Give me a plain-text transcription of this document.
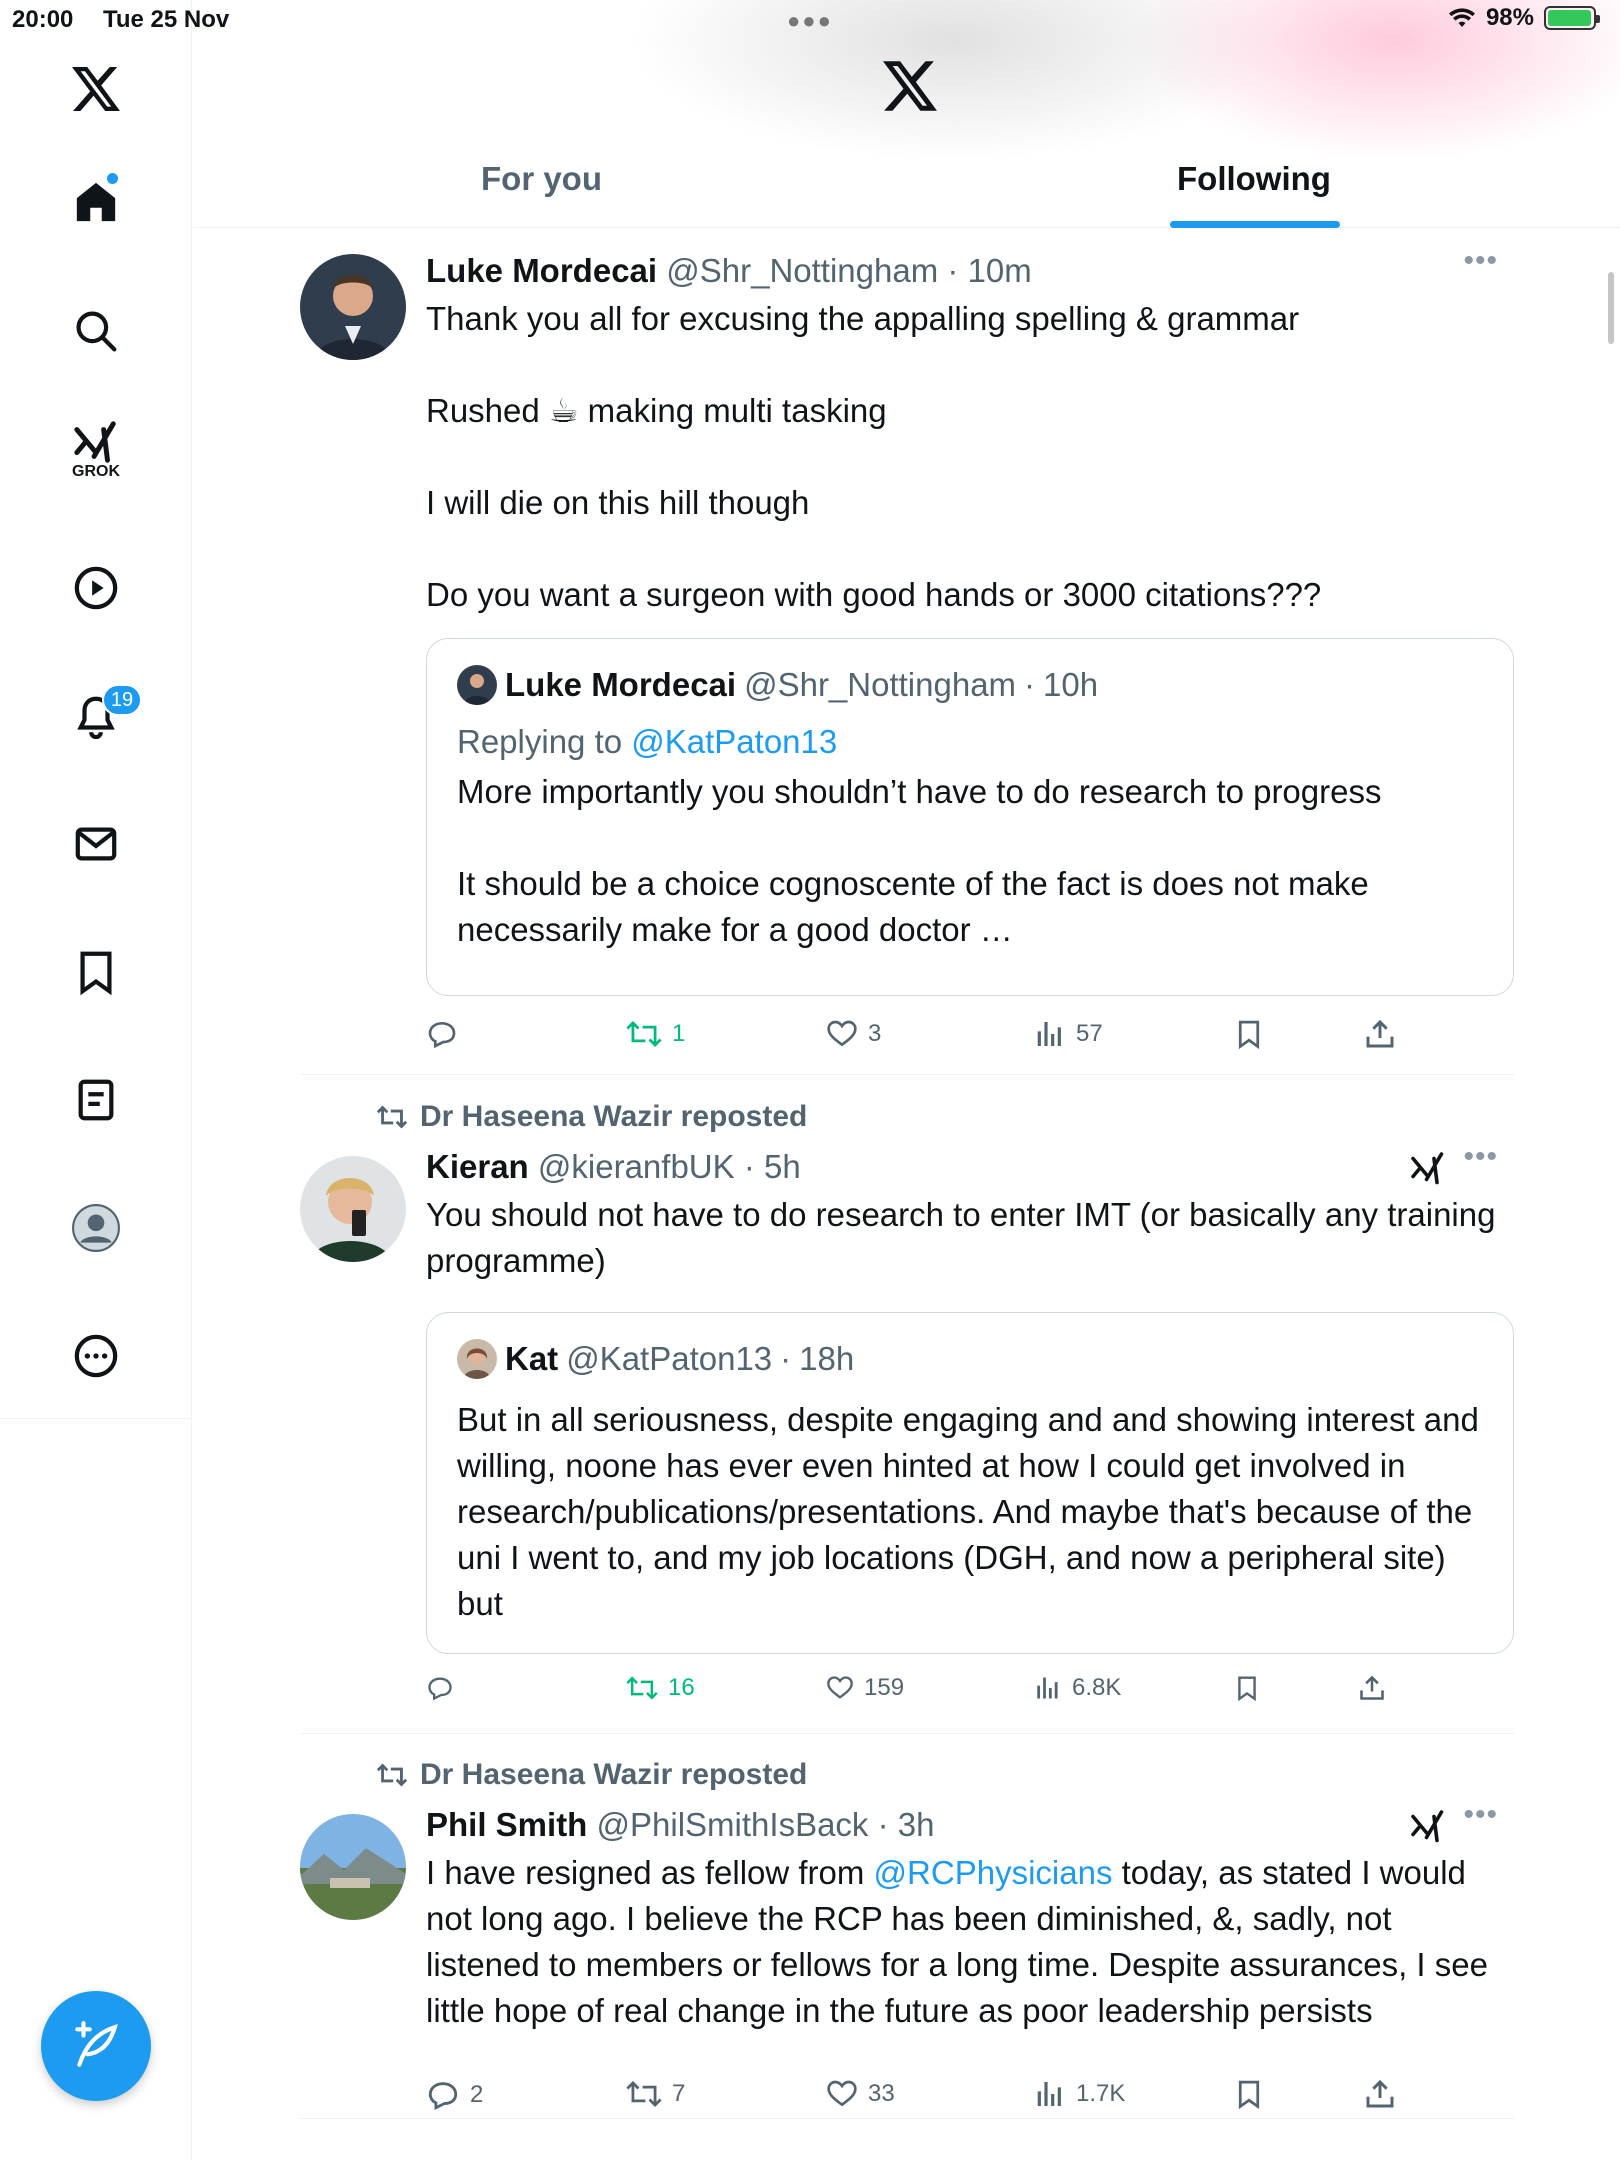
20:00 Tue 25 Nov	●●●	98%
GROK
19
For you	Following
Luke Mordecai @Shr_Nottingham · 10m	•••
Thank you all for excusing the appalling spelling & grammar

Rushed ☕ making multi tasking

I will die on this hill though

Do you want a surgeon with good hands or 3000 citations???
Luke Mordecai @Shr_Nottingham · 10h
Replying to @KatPaton13
More importantly you shouldn’t have to do research to progress

It should be a choice cognoscente of the fact is does not make necessarily make for a good doctor …
1	3	57
Dr Haseena Wazir reposted
Kieran @kieranfbUK · 5h	•••
You should not have to do research to enter IMT (or basically any training programme)
Kat @KatPaton13 · 18h
But in all seriousness, despite engaging and and showing interest and willing, noone has ever even hinted at how I could get involved in research/publications/presentations. And maybe that's because of the uni I went to, and my job locations (DGH, and now a peripheral site) but
16	159	6.8K
Dr Haseena Wazir reposted
Phil Smith @PhilSmithIsBack · 3h	•••
I have resigned as fellow from @RCPhysicians today, as stated I would not long ago. I believe the RCP has been diminished, &, sadly, not listened to members or fellows for a long time. Despite assurances, I see little hope of real change in the future as poor leadership persists
2	7	33	1.7K
